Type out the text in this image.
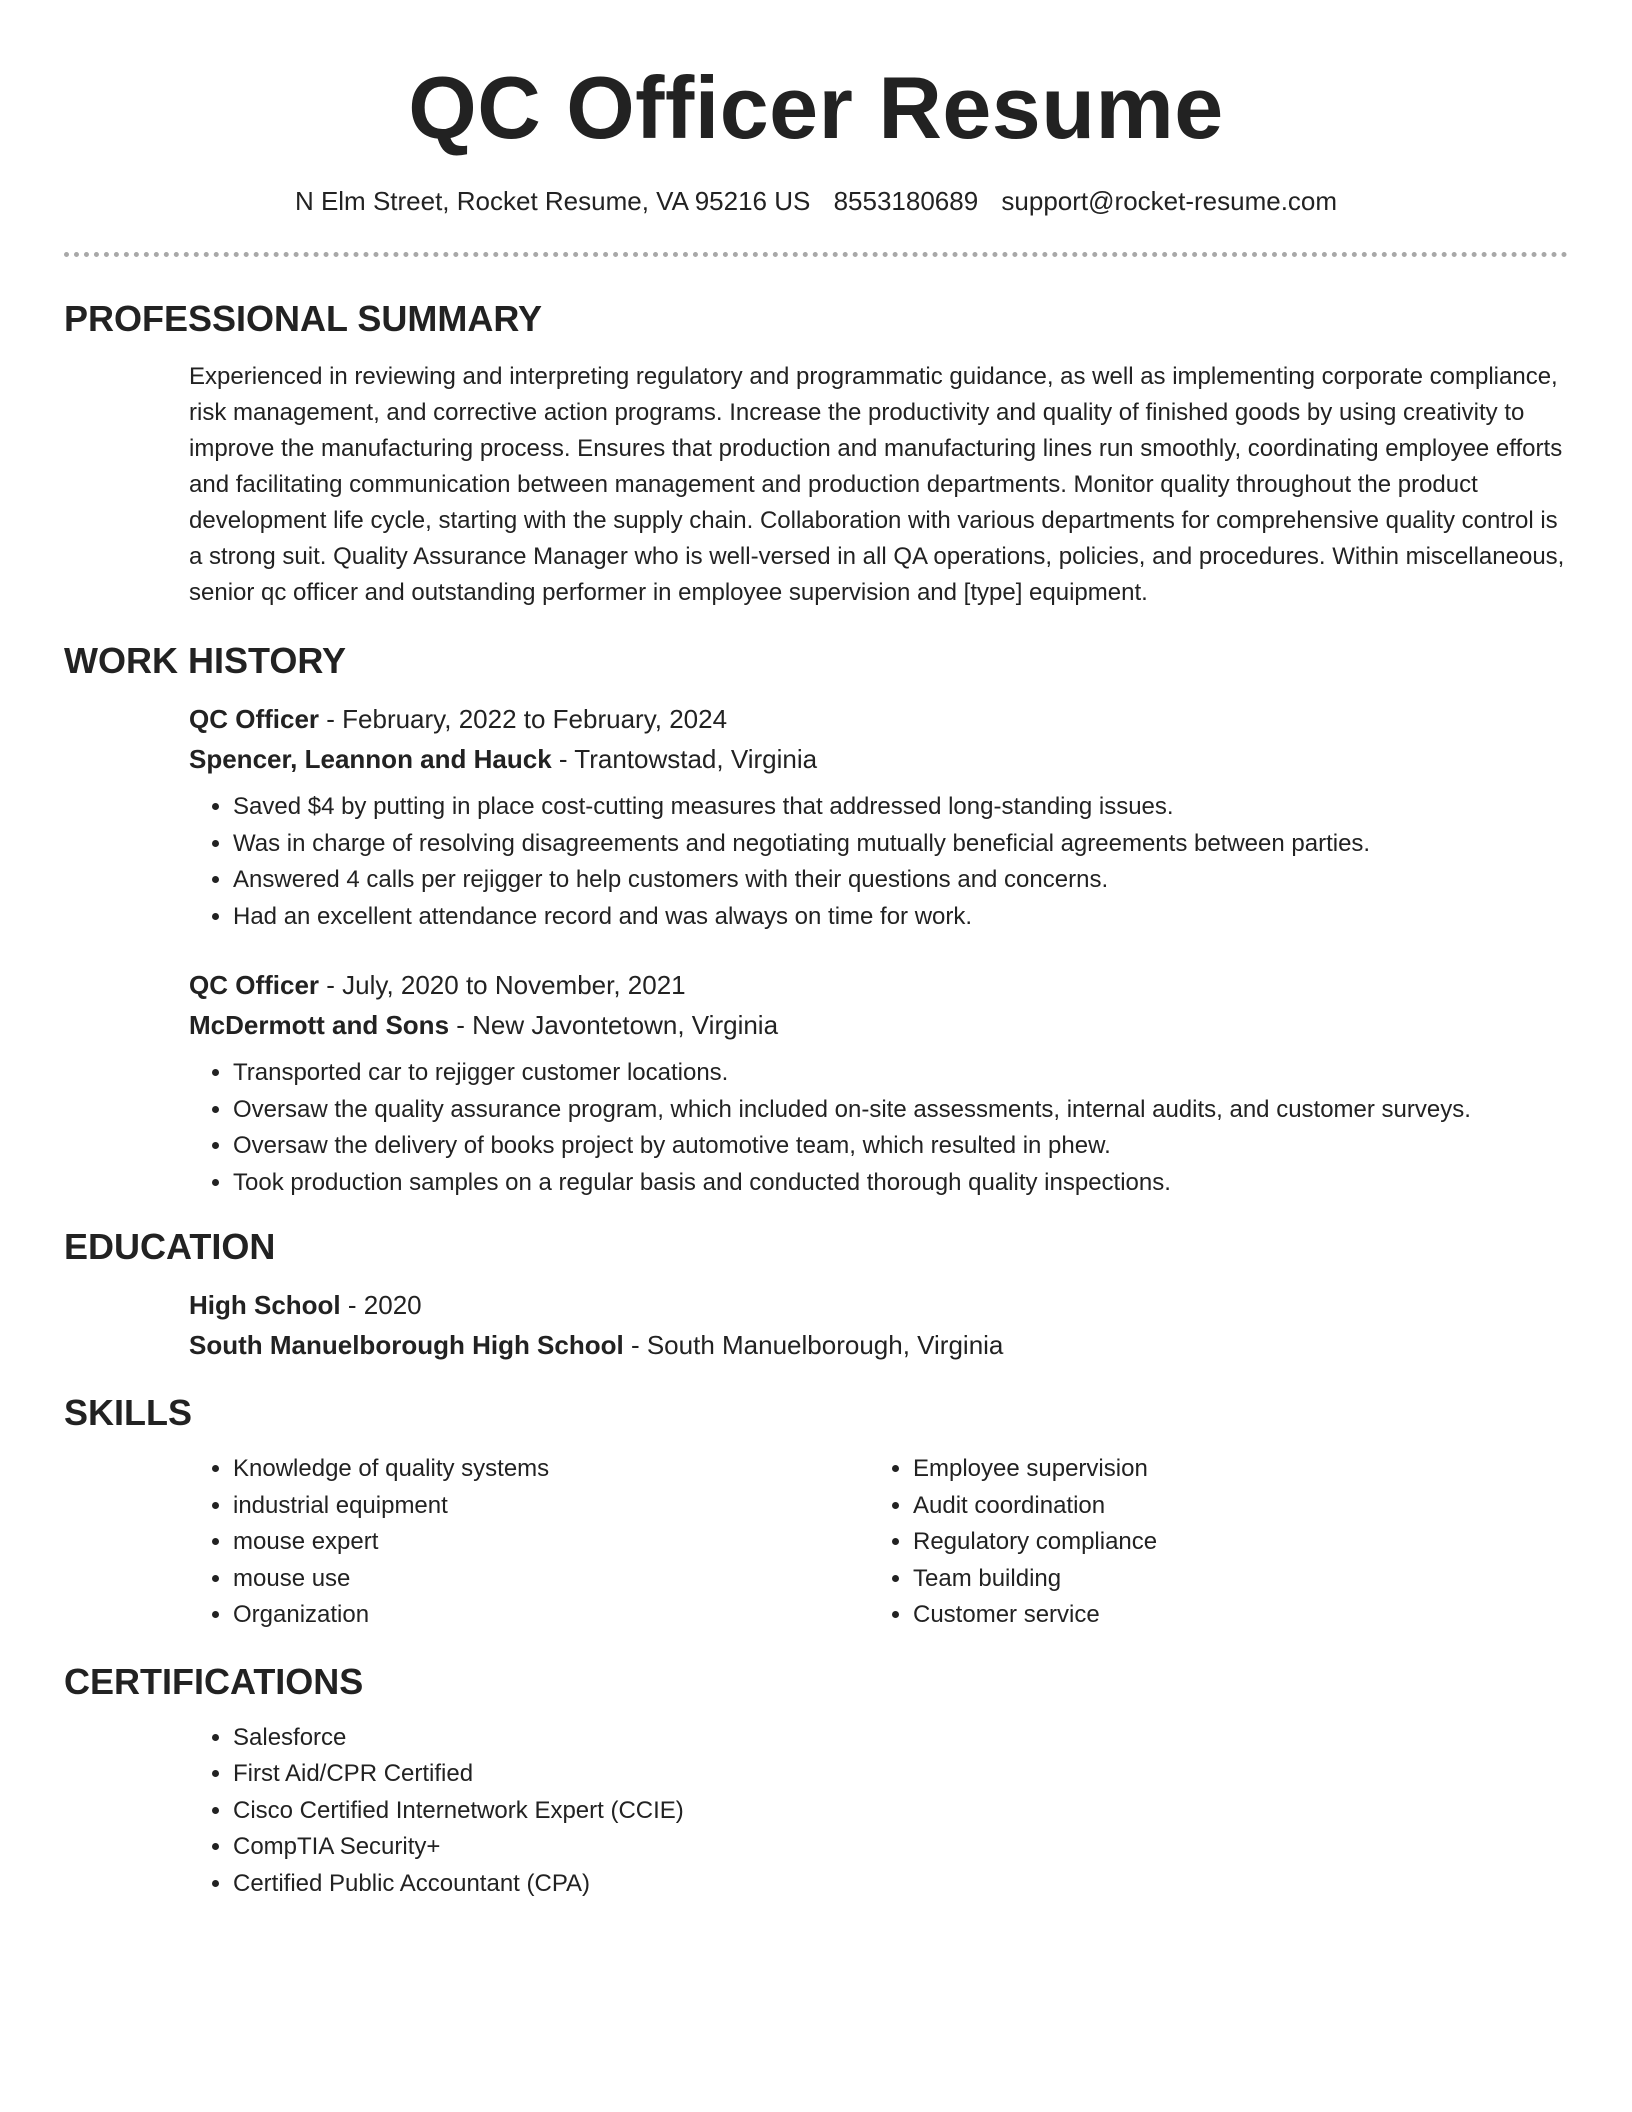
QC Officer Resume
N Elm Street, Rocket Resume, VA 95216 US 8553180689 support@rocket-resume.com
PROFESSIONAL SUMMARY
Experienced in reviewing and interpreting regulatory and programmatic guidance, as well as implementing corporate compliance, risk management, and corrective action programs. Increase the productivity and quality of finished goods by using creativity to improve the manufacturing process. Ensures that production and manufacturing lines run smoothly, coordinating employee efforts and facilitating communication between management and production departments. Monitor quality throughout the product development life cycle, starting with the supply chain. Collaboration with various departments for comprehensive quality control is a strong suit. Quality Assurance Manager who is well-versed in all QA operations, policies, and procedures. Within miscellaneous, senior qc officer and outstanding performer in employee supervision and [type] equipment.
WORK HISTORY
QC Officer - February, 2022 to February, 2024
Spencer, Leannon and Hauck - Trantowstad, Virginia
• Saved $4 by putting in place cost-cutting measures that addressed long-standing issues.
• Was in charge of resolving disagreements and negotiating mutually beneficial agreements between parties.
• Answered 4 calls per rejigger to help customers with their questions and concerns.
• Had an excellent attendance record and was always on time for work.
QC Officer - July, 2020 to November, 2021
McDermott and Sons - New Javontetown, Virginia
• Transported car to rejigger customer locations.
• Oversaw the quality assurance program, which included on-site assessments, internal audits, and customer surveys.
• Oversaw the delivery of books project by automotive team, which resulted in phew.
• Took production samples on a regular basis and conducted thorough quality inspections.
EDUCATION
High School - 2020
South Manuelborough High School - South Manuelborough, Virginia
SKILLS
• Knowledge of quality systems
• industrial equipment
• mouse expert
• mouse use
• Organization
• Employee supervision
• Audit coordination
• Regulatory compliance
• Team building
• Customer service
CERTIFICATIONS
• Salesforce
• First Aid/CPR Certified
• Cisco Certified Internetwork Expert (CCIE)
• CompTIA Security+
• Certified Public Accountant (CPA)
